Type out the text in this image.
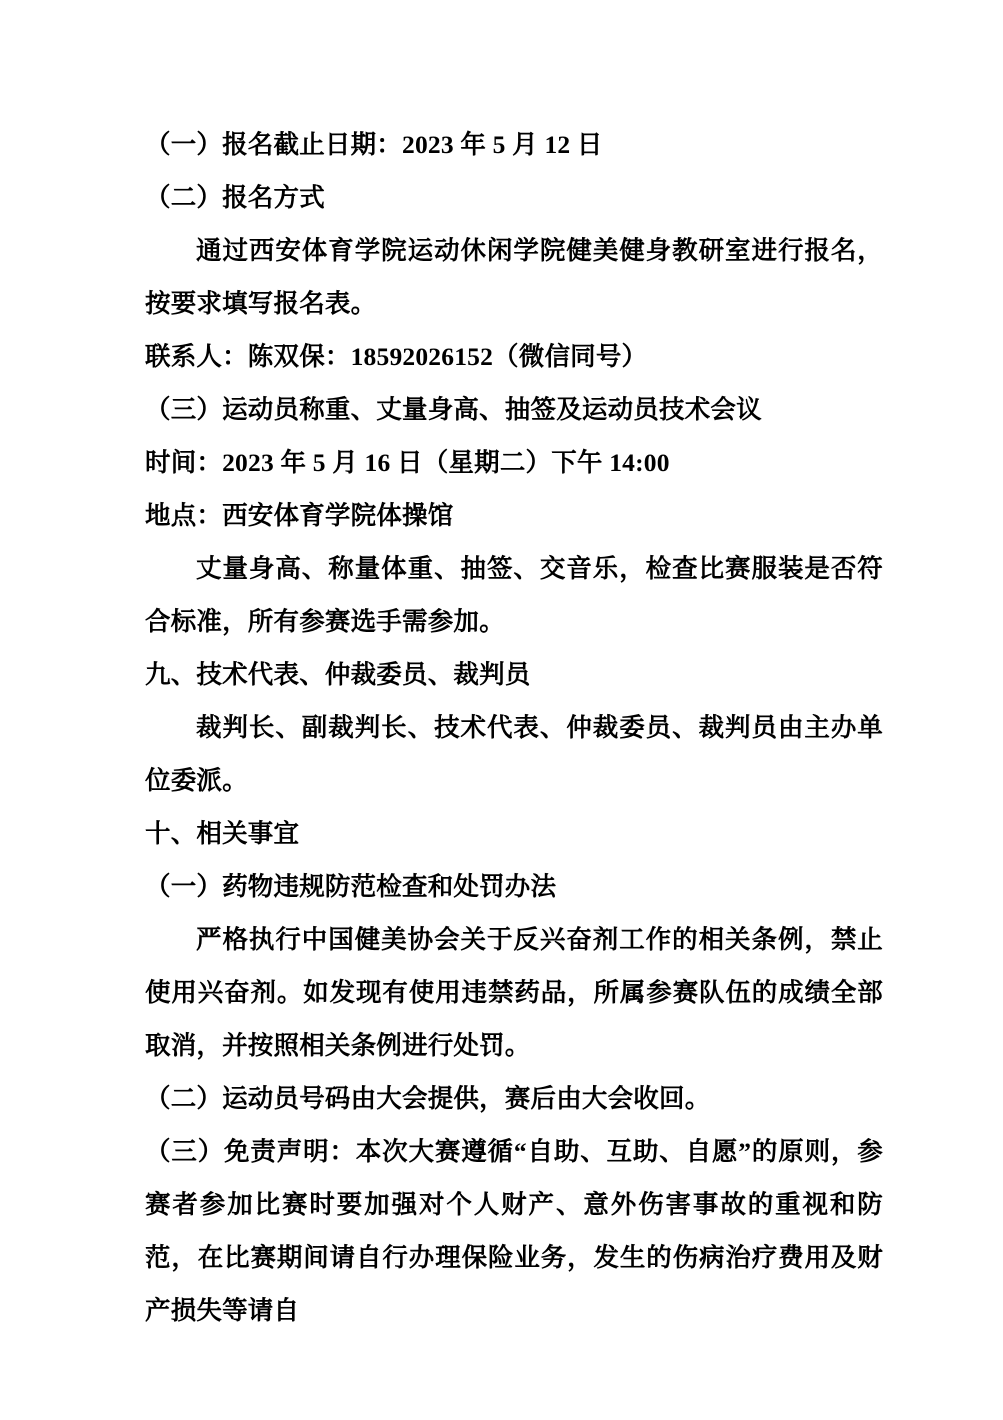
（一）报名截止日期：2023 年 5 月 12 日

（二）报名方式

通过西安体育学院运动休闲学院健美健身教研室进行报名，按要求填写报名表。

联系人：陈双保：18592026152（微信同号）

（三）运动员称重、丈量身高、抽签及运动员技术会议

时间：2023 年 5 月 16 日（星期二）下午 14:00

地点：西安体育学院体操馆

丈量身高、称量体重、抽签、交音乐，检查比赛服装是否符合标准，所有参赛选手需参加。

九、技术代表、仲裁委员、裁判员

裁判长、副裁判长、技术代表、仲裁委员、裁判员由主办单位委派。

十、相关事宜

（一）药物违规防范检查和处罚办法

严格执行中国健美协会关于反兴奋剂工作的相关条例，禁止使用兴奋剂。如发现有使用违禁药品，所属参赛队伍的成绩全部取消，并按照相关条例进行处罚。

（二）运动员号码由大会提供，赛后由大会收回。

（三）免责声明：本次大赛遵循“自助、互助、自愿”的原则，参赛者参加比赛时要加强对个人财产、意外伤害事故的重视和防范，在比赛期间请自行办理保险业务，发生的伤病治疗费用及财产损失等请自
